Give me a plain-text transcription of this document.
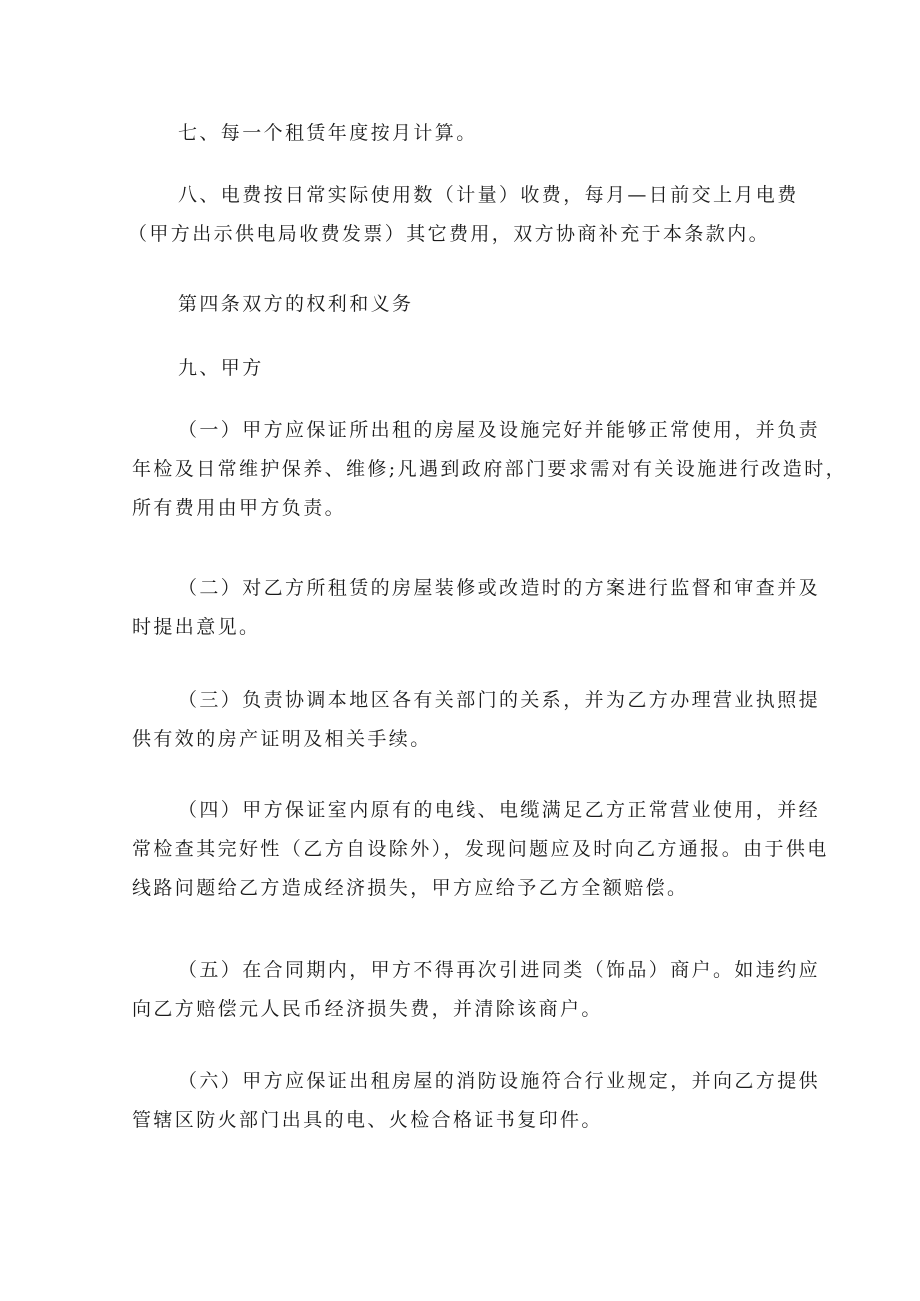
七、每一个租赁年度按月计算。

八、电费按日常实际使用数（计量）收费，每月—日前交上月电费
（甲方出示供电局收费发票）其它费用，双方协商补充于本条款内。

第四条双方的权利和义务

九、甲方

（一）甲方应保证所出租的房屋及设施完好并能够正常使用，并负责
年检及日常维护保养、维修;凡遇到政府部门要求需对有关设施进行改造时，
所有费用由甲方负责。

（二）对乙方所租赁的房屋装修或改造时的方案进行监督和审查并及
时提出意见。

（三）负责协调本地区各有关部门的关系，并为乙方办理营业执照提
供有效的房产证明及相关手续。

（四）甲方保证室内原有的电线、电缆满足乙方正常营业使用，并经
常检查其完好性（乙方自设除外），发现问题应及时向乙方通报。由于供电
线路问题给乙方造成经济损失，甲方应给予乙方全额赔偿。

（五）在合同期内，甲方不得再次引进同类（饰品）商户。如违约应
向乙方赔偿元人民币经济损失费，并清除该商户。

（六）甲方应保证出租房屋的消防设施符合行业规定，并向乙方提供
管辖区防火部门出具的电、火检合格证书复印件。
